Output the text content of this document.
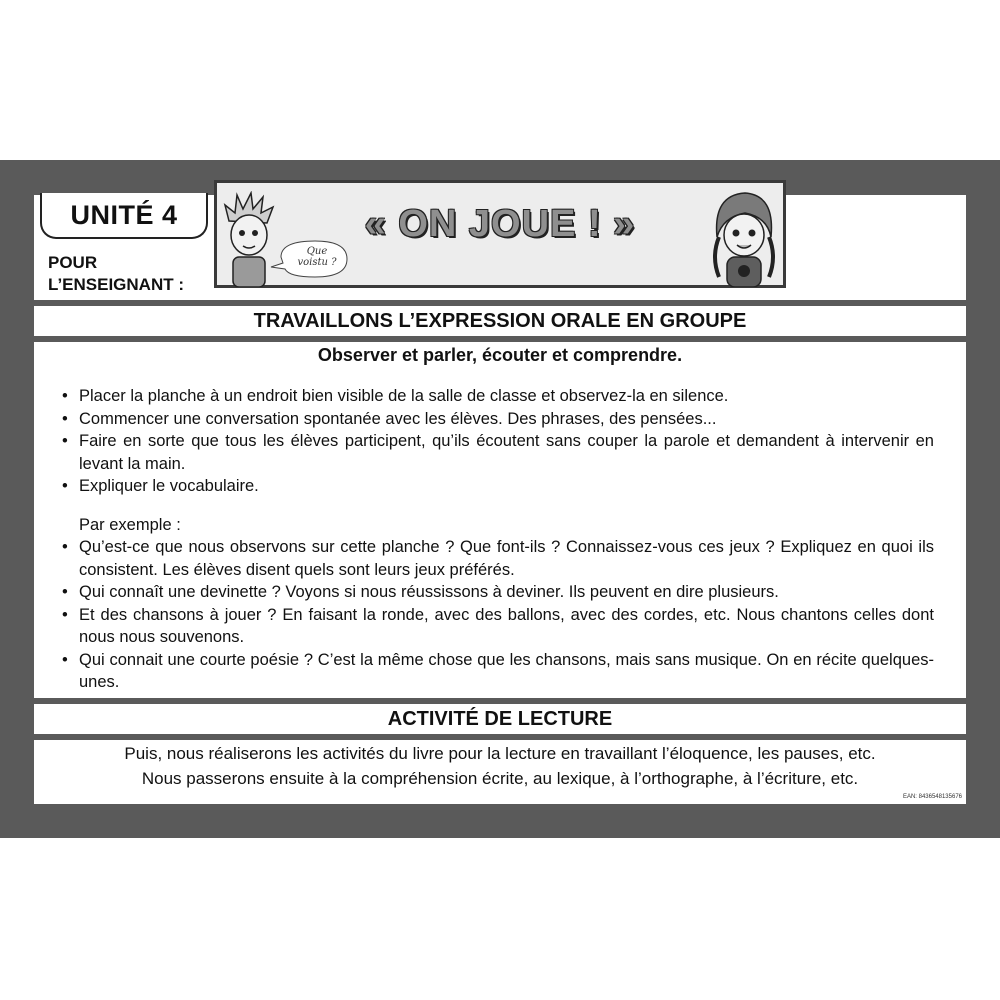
UNITÉ 4
POUR
L’ENSEIGNANT :
Que
voistu ?
« ON JOUE ! »
TRAVAILLONS L’EXPRESSION ORALE EN GROUPE
Observer et parler, écouter et comprendre.
• Placer la planche à un endroit bien visible de la salle de classe et observez-la en silence.
• Commencer une conversation spontanée avec les élèves. Des phrases, des pensées...
• Faire en sorte que tous les élèves participent, qu’ils écoutent sans couper la parole et demandent à intervenir en levant la main.
• Expliquer le vocabulaire.
Par exemple :
• Qu’est-ce que nous observons sur cette planche ? Que font-ils ? Connaissez-vous ces jeux ? Expliquez en quoi ils consistent. Les élèves disent quels sont leurs jeux préférés.
• Qui connaît une devinette ? Voyons si nous réussissons à deviner. Ils peuvent en dire plusieurs.
• Et des chansons à jouer ? En faisant la ronde, avec des ballons, avec des cordes, etc. Nous chantons celles dont nous nous souvenons.
• Qui connait une courte poésie ? C’est la même chose que les chansons, mais sans musique. On en récite quelques-unes.
ACTIVITÉ DE LECTURE
Puis, nous réaliserons les activités du livre pour la lecture en travaillant l’éloquence, les pauses, etc.
Nous passerons ensuite à la compréhension écrite, au lexique, à l’orthographe, à l’écriture, etc.
EAN: 8436548135676
